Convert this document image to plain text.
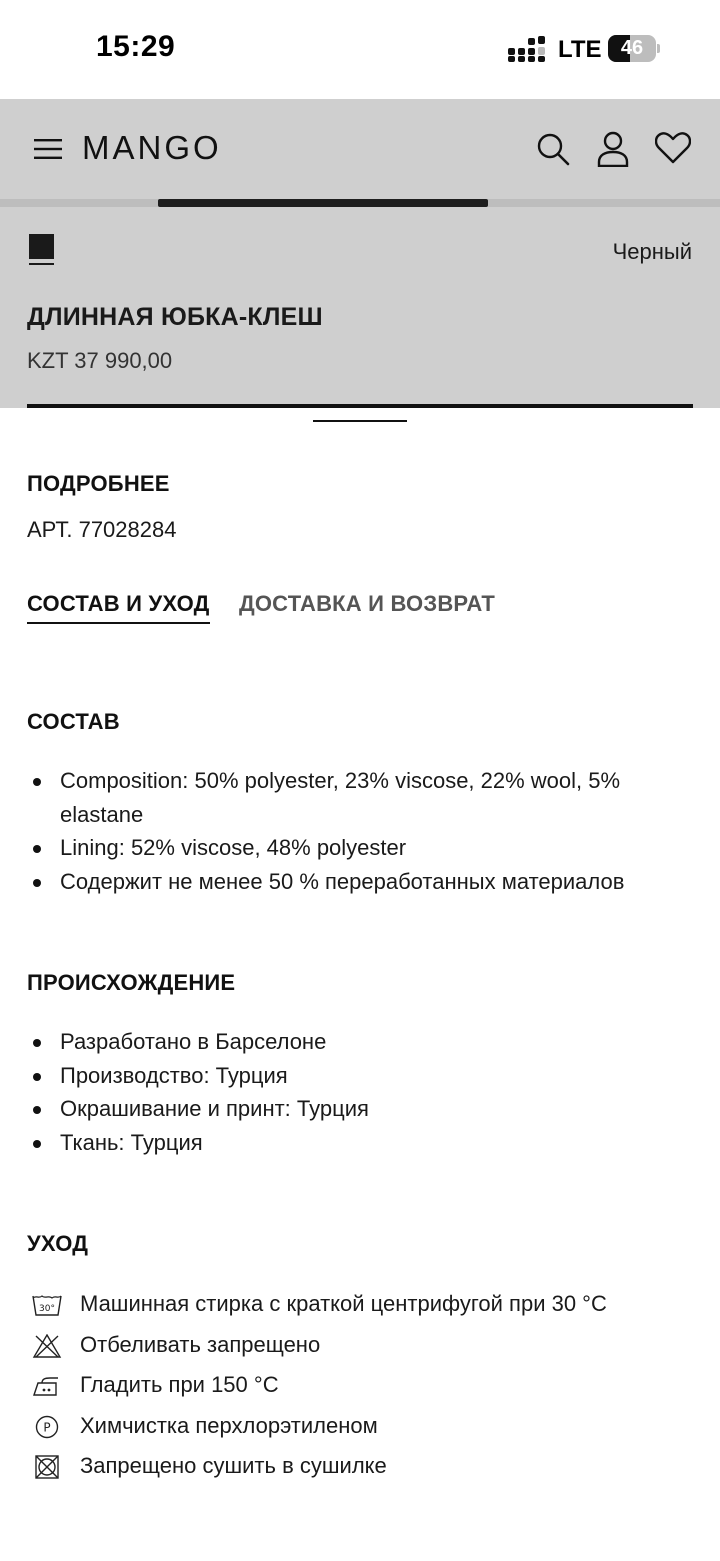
15:29	LTE 46
MANGO
Черный
ДЛИННАЯ ЮБКА-КЛЕШ
KZT 37 990,00
ПОДРОБНЕЕ
АРТ. 77028284
СОСТАВ И УХОД ДОСТАВКА И ВОЗВРАТ
СОСТАВ
Composition: 50% polyester, 23% viscose, 22% wool, 5% elastane
Lining: 52% viscose, 48% polyester
Содержит не менее 50 % переработанных материалов
ПРОИСХОЖДЕНИЕ
Разработано в Барселоне
Производство: Турция
Окрашивание и принт: Турция
Ткань: Турция
УХОД
30° Машинная стирка с краткой центрифугой при 30 °C
Отбеливать запрещено
Гладить при 150 °C
P Химчистка перхлорэтиленом
Запрещено сушить в сушилке
